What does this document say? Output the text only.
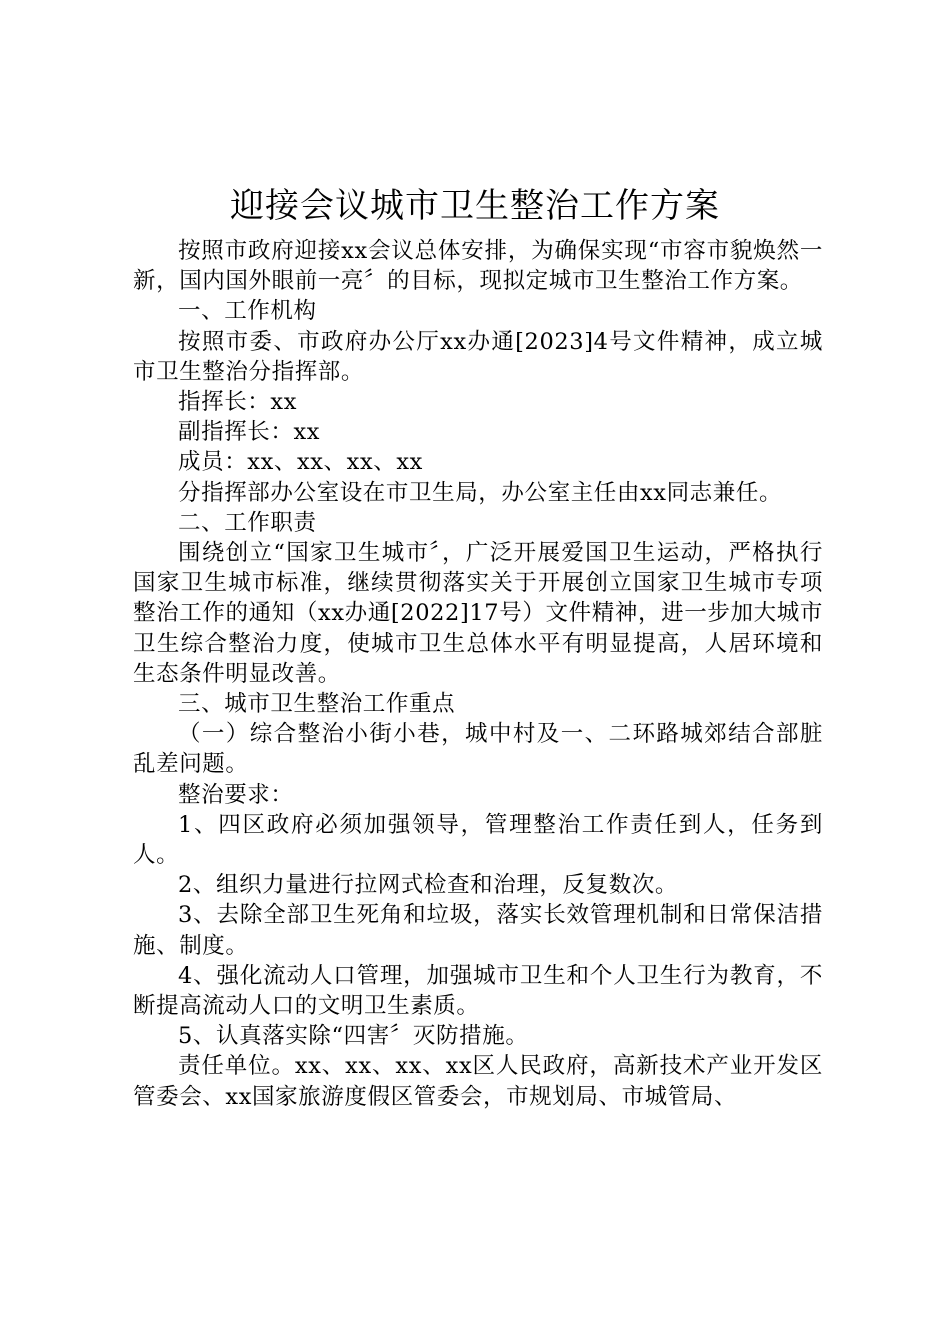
迎接会议城市卫生整治工作方案

按照市政府迎接xx会议总体安排，为确保实现“市容市貌焕然一新，国内国外眼前一亮〞的目标，现拟定城市卫生整治工作方案。

一、工作机构

按照市委、市政府办公厅xx办通[2023]4号文件精神，成立城市卫生整治分指挥部。

指挥长：xx

副指挥长：xx

成员：xx、xx、xx、xx

分指挥部办公室设在市卫生局，办公室主任由xx同志兼任。

二、工作职责

围绕创立“国家卫生城市〞，广泛开展爱国卫生运动，严格执行国家卫生城市标准，继续贯彻落实关于开展创立国家卫生城市专项整治工作的通知（xx办通[2022]17号）文件精神，进一步加大城市卫生综合整治力度，使城市卫生总体水平有明显提高，人居环境和生态条件明显改善。

三、城市卫生整治工作重点

（一）综合整治小街小巷，城中村及一、二环路城郊结合部脏乱差问题。

整治要求：

1、四区政府必须加强领导，管理整治工作责任到人，任务到人。

2、组织力量进行拉网式检查和治理，反复数次。

3、去除全部卫生死角和垃圾，落实长效管理机制和日常保洁措施、制度。

4、强化流动人口管理，加强城市卫生和个人卫生行为教育，不断提高流动人口的文明卫生素质。

5、认真落实除“四害〞灭防措施。

责任单位。xx、xx、xx、xx区人民政府，高新技术产业开发区管委会、xx国家旅游度假区管委会，市规划局、市城管局、
